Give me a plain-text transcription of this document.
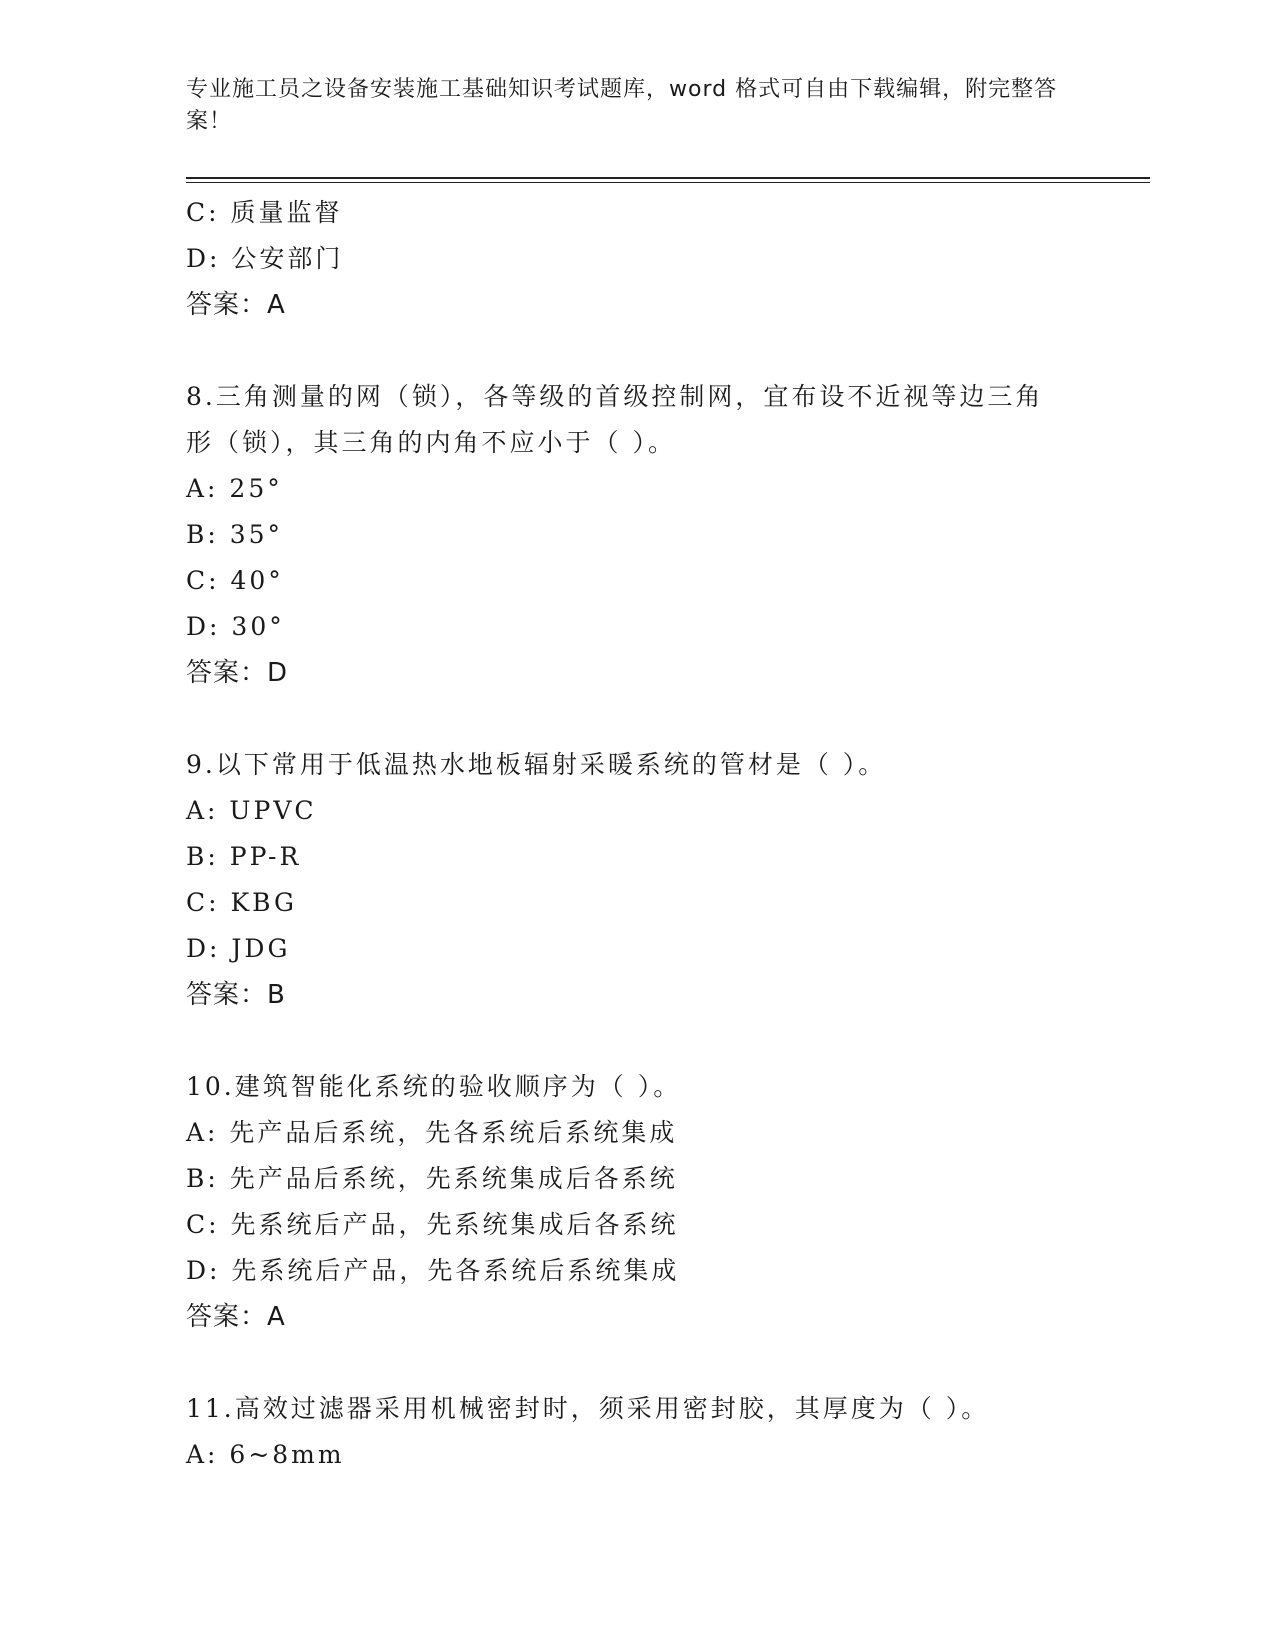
专业施工员之设备安装施工基础知识考试题库，word 格式可自由下载编辑，附完整答案！
C: 质量监督
D: 公安部门
答案：A
8.三角测量的网（锁），各等级的首级控制网，宜布设不近视等边三角形（锁），其三角的内角不应小于（ ）。
A: 25°
B: 35°
C: 40°
D: 30°
答案：D
9.以下常用于低温热水地板辐射采暖系统的管材是（ ）。
A: UPVC
B: PP-R
C: KBG
D: JDG
答案：B
10.建筑智能化系统的验收顺序为（ ）。
A: 先产品后系统，先各系统后系统集成
B: 先产品后系统，先系统集成后各系统
C: 先系统后产品，先系统集成后各系统
D: 先系统后产品，先各系统后系统集成
答案：A
11.高效过滤器采用机械密封时，须采用密封胶，其厚度为（ ）。
A: 6~8mm
